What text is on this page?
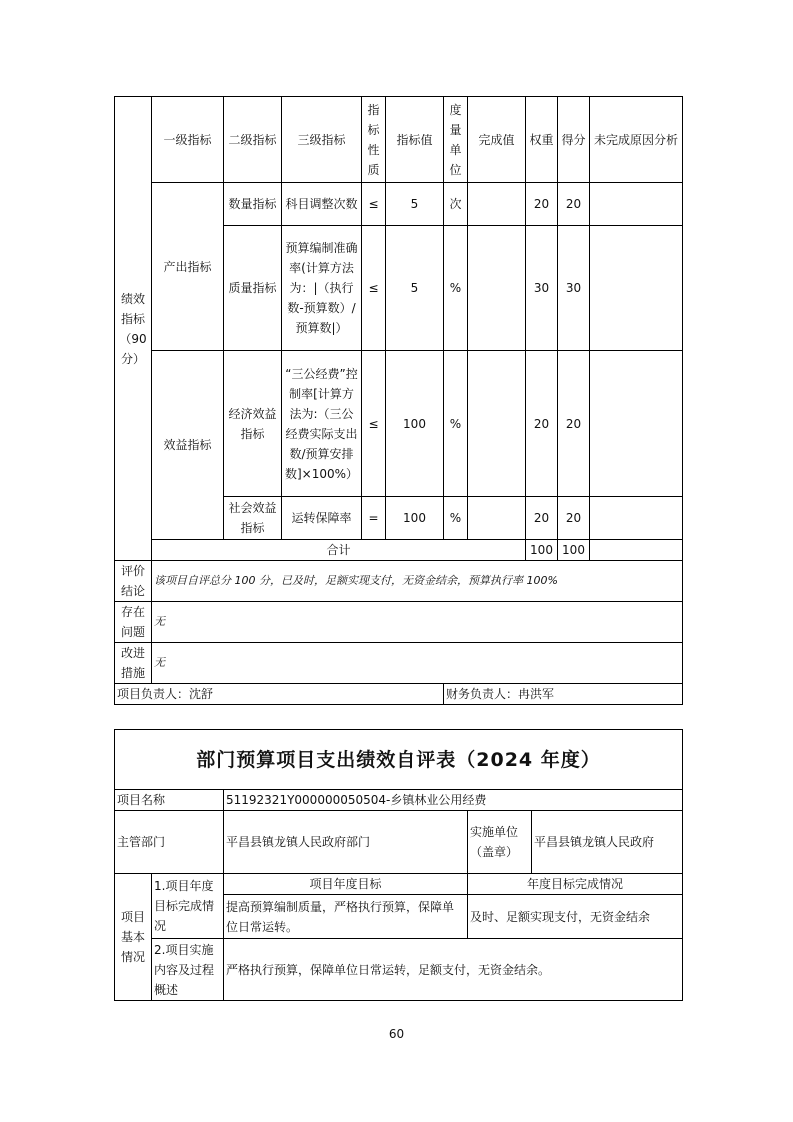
绩效指标（90分）	一级指标	二级指标	三级指标	指标性质	指标值	度量单位	完成值	权重	得分	未完成原因分析
	产出指标	数量指标	科目调整次数	≤	5	次		20	20	
		质量指标	预算编制准确率(计算方法为：|（执行数-预算数）/预算数|）	≤	5	%		30	30	
	效益指标	经济效益指标	“三公经费”控制率[计算方法为:（三公经费实际支出数/预算安排数]×100%）	≤	100	%		20	20	
		社会效益指标	运转保障率	=	100	%		20	20	
	合计							100	100	
评价结论	该项目自评总分 100 分，已及时，足额实现支付，无资金结余，预算执行率 100%									
存在问题	无									
改进措施	无									
项目负责人：沈舒						财务负责人：冉洪军				
部门预算项目支出绩效自评表（2024 年度）				
项目名称		51192321Y000000050504-乡镇林业公用经费		
主管部门		平昌县镇龙镇人民政府部门	实施单位（盖章）	平昌县镇龙镇人民政府
项目基本情况	1.项目年度目标完成情况	项目年度目标	年度目标完成情况	
		提高预算编制质量，严格执行预算，保障单位日常运转。	及时、足额实现支付，无资金结余	
	2.项目实施内容及过程概述	严格执行预算，保障单位日常运转，足额支付，无资金结余。		
60
